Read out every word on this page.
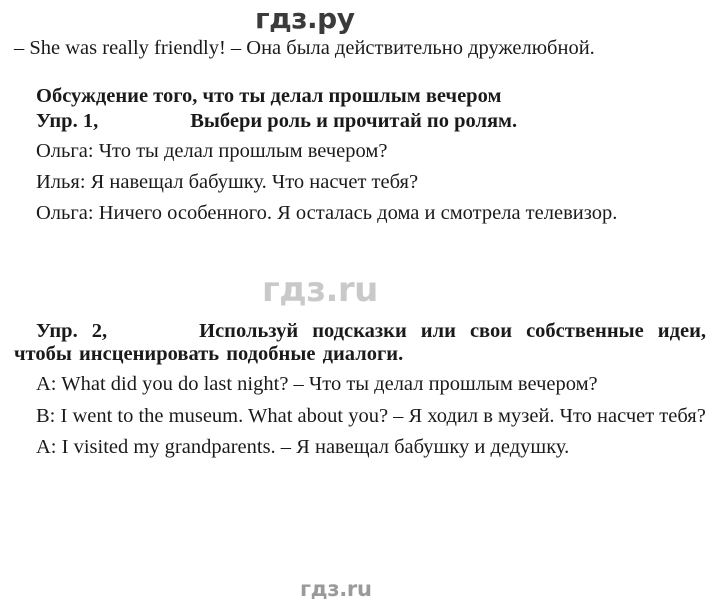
гдз.ру

– She was really friendly! – Она была действительно дружелюбной.

Обсуждение того, что ты делал прошлым вечером
Упр. 1,	Выбери роль и прочитай по ролям.

Ольга: Что ты делал прошлым вечером?

Илья: Я навещал бабушку. Что насчет тебя?

Ольга: Ничего особенного. Я осталась дома и смотрела телевизор.

Упр. 2,	Используй подсказки или свои собственные идеи, чтобы инсценировать подобные диалоги.

A: What did you do last night? – Что ты делал прошлым вечером?

B: I went to the museum. What about you? – Я ходил в музей. Что насчет тебя?

A: I visited my grandparents. – Я навещал бабушку и дедушку.

гдз.ru
гдз.ru
